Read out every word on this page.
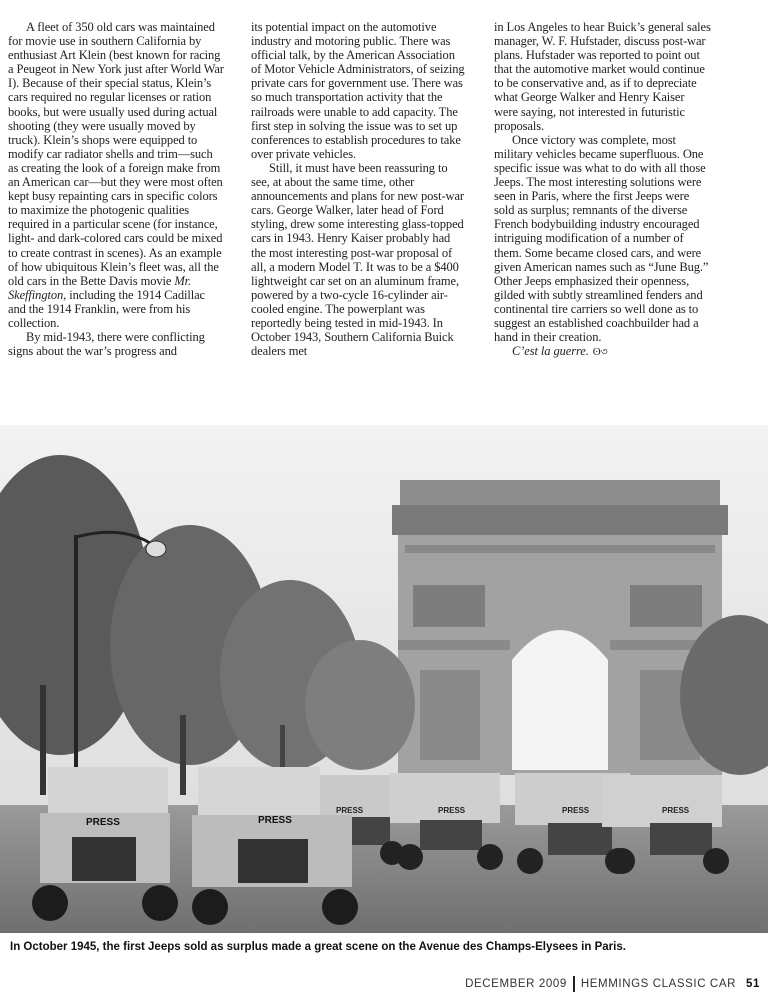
A fleet of 350 old cars was maintained for movie use in southern California by enthusiast Art Klein (best known for racing a Peugeot in New York just after World War I). Because of their special status, Klein’s cars required no regular licenses or ration books, but were usually used during actual shooting (they were usually moved by truck). Klein’s shops were equipped to modify car radiator shells and trim—such as creating the look of a foreign make from an American car—but they were most often kept busy repainting cars in specific colors to maximize the photogenic qualities required in a particular scene (for instance, light- and dark-colored cars could be mixed to create contrast in scenes). As an example of how ubiquitous Klein’s fleet was, all the old cars in the Bette Davis movie Mr. Skeffington, including the 1914 Cadillac and the 1914 Franklin, were from his collection.

By mid-1943, there were conflicting signs about the war’s progress and

its potential impact on the automotive industry and motoring public. There was official talk, by the American Association of Motor Vehicle Administrators, of seizing private cars for government use. There was so much transportation activity that the railroads were unable to add capacity. The first step in solving the issue was to set up conferences to establish procedures to take over private vehicles.

Still, it must have been reassuring to see, at about the same time, other announcements and plans for new post-war cars. George Walker, later head of Ford styling, drew some interesting glass-topped cars in 1943. Henry Kaiser probably had the most interesting post-war proposal of all, a modern Model T. It was to be a $400 lightweight car set on an aluminum frame, powered by a two-cycle 16-cylinder air-cooled engine. The powerplant was reportedly being tested in mid-1943. In October 1943, Southern California Buick dealers met

in Los Angeles to hear Buick’s general sales manager, W. F. Hufstader, discuss post-war plans. Hufstader was reported to point out that the automotive market would continue to be conservative and, as if to depreciate what George Walker and Henry Kaiser were saying, not interested in futuristic proposals.

Once victory was complete, most military vehicles became superfluous. One specific issue was what to do with all those Jeeps. The most interesting solutions were seen in Paris, where the first Jeeps were sold as surplus; remnants of the diverse French bodybuilding industry encouraged intriguing modification of a number of them. Some became closed cars, and were given American names such as “June Bug.” Other Jeeps emphasized their openness, gilded with subtly streamlined fenders and continental tire carriers so well done as to suggest an established coachbuilder had a hand in their creation.

C’est la guerre. ʘ৩

PRESS	PRESS	PRESS	PRESS
PRESS	PRESS
In October 1945, the first Jeeps sold as surplus made a great scene on the Avenue des Champs-Elysees in Paris.
DECEMBER 2009 HEMMINGS CLASSIC CAR 51
